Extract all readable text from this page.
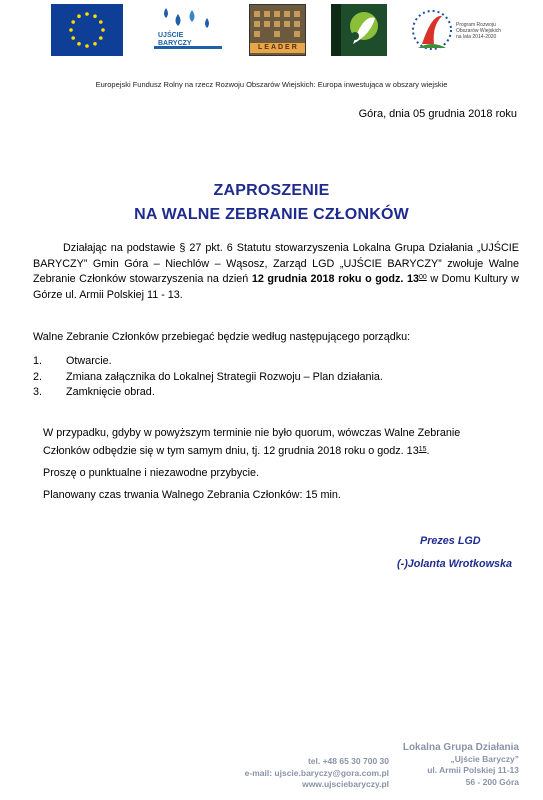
UJŚCIE BARYCZY
LEADER
Program Rozwoju Obszarów Wiejskich na lata 2014-2020
Europejski Fundusz Rolny na rzecz Rozwoju Obszarów Wiejskich: Europa inwestująca w obszary wiejskie
Góra, dnia 05 grudnia 2018 roku
ZAPROSZENIE
NA WALNE ZEBRANIE CZŁONKÓW
Działając na podstawie § 27 pkt. 6 Statutu stowarzyszenia Lokalna Grupa Działania „UJŚCIE BARYCZY” Gmin Góra – Niechlów – Wąsosz, Zarząd LGD „UJŚCIE BARYCZY” zwołuje Walne Zebranie Członków stowarzyszenia na dzień 12 grudnia 2018 roku o godz. $13^{00}$ w Domu Kultury w Górze ul. Armii Polskiej 11 - 13.
Walne Zebranie Członków przebiegać będzie według następującego porządku:
1. Otwarcie.
2. Zmiana załącznika do Lokalnej Strategii Rozwoju – Plan działania.
3. Zamknięcie obrad.
W przypadku, gdyby w powyższym terminie nie było quorum, wówczas Walne Zebranie
Członków odbędzie się w tym samym dniu, tj. 12 grudnia 2018 roku o godz. $13^{15}$.
Proszę o punktualne i niezawodne przybycie.
Planowany czas trwania Walnego Zebrania Członków: 15 min.
Prezes LGD
(-)Jolanta Wrotkowska
tel. +48 65 30 700 30
e-mail: ujscie.baryczy@gora.com.pl
www.ujsciebaryczy.pl
Lokalna Grupa Działania
„Ujście Baryczy”
ul. Armii Polskiej 11-13
56 - 200 Góra
